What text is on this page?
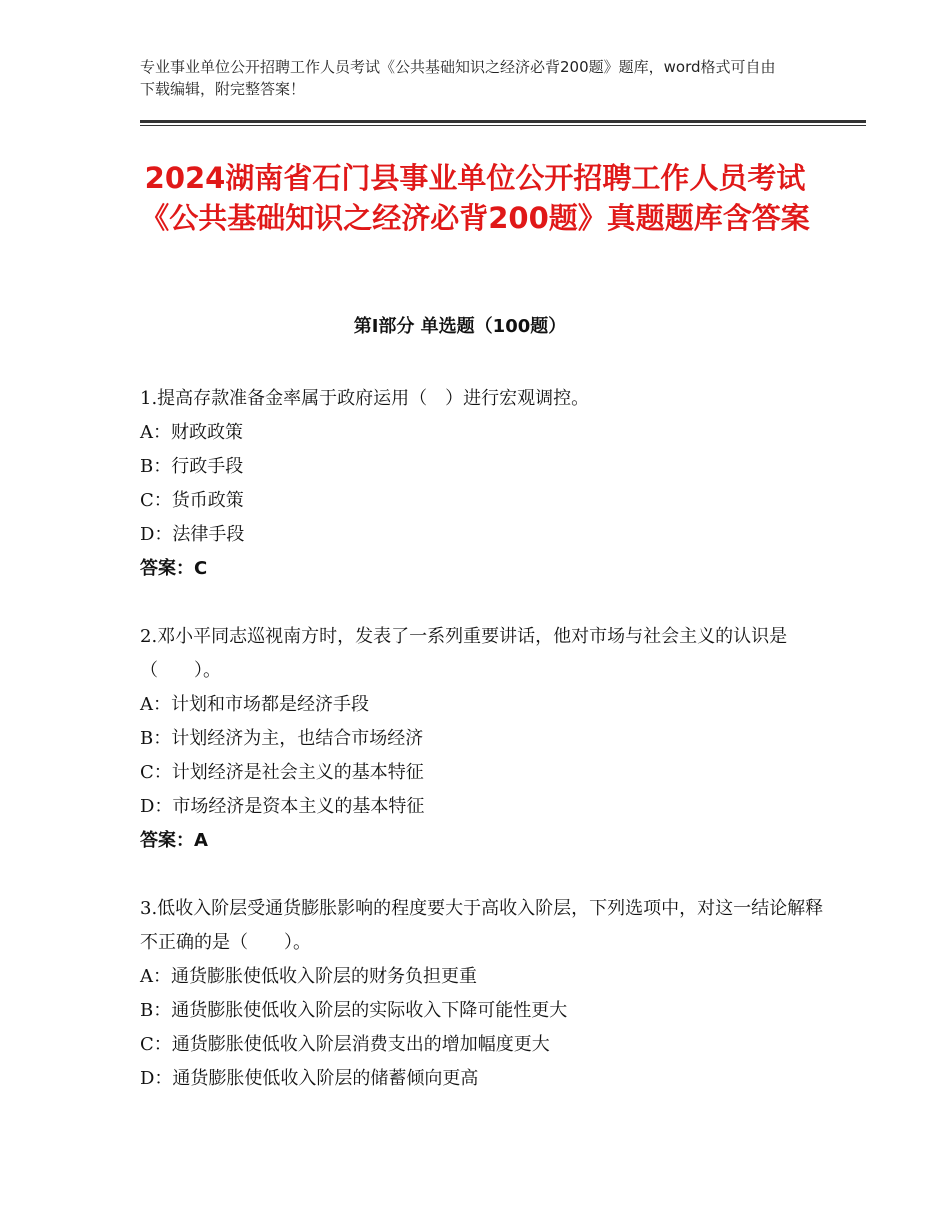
专业事业单位公开招聘工作人员考试《公共基础知识之经济必背200题》题库，word格式可自由下载编辑，附完整答案！
2024湖南省石门县事业单位公开招聘工作人员考试《公共基础知识之经济必背200题》真题题库含答案
第Ⅰ部分 单选题（100题）
1.提高存款准备金率属于政府运用（　）进行宏观调控。
A：财政政策
B：行政手段
C：货币政策
D：法律手段
答案：C
2.邓小平同志巡视南方时，发表了一系列重要讲话，他对市场与社会主义的认识是（　　）。
A：计划和市场都是经济手段
B：计划经济为主，也结合市场经济
C：计划经济是社会主义的基本特征
D：市场经济是资本主义的基本特征
答案：A
3.低收入阶层受通货膨胀影响的程度要大于高收入阶层，下列选项中，对这一结论解释不正确的是（　　）。
A：通货膨胀使低收入阶层的财务负担更重
B：通货膨胀使低收入阶层的实际收入下降可能性更大
C：通货膨胀使低收入阶层消费支出的增加幅度更大
D：通货膨胀使低收入阶层的储蓄倾向更高
